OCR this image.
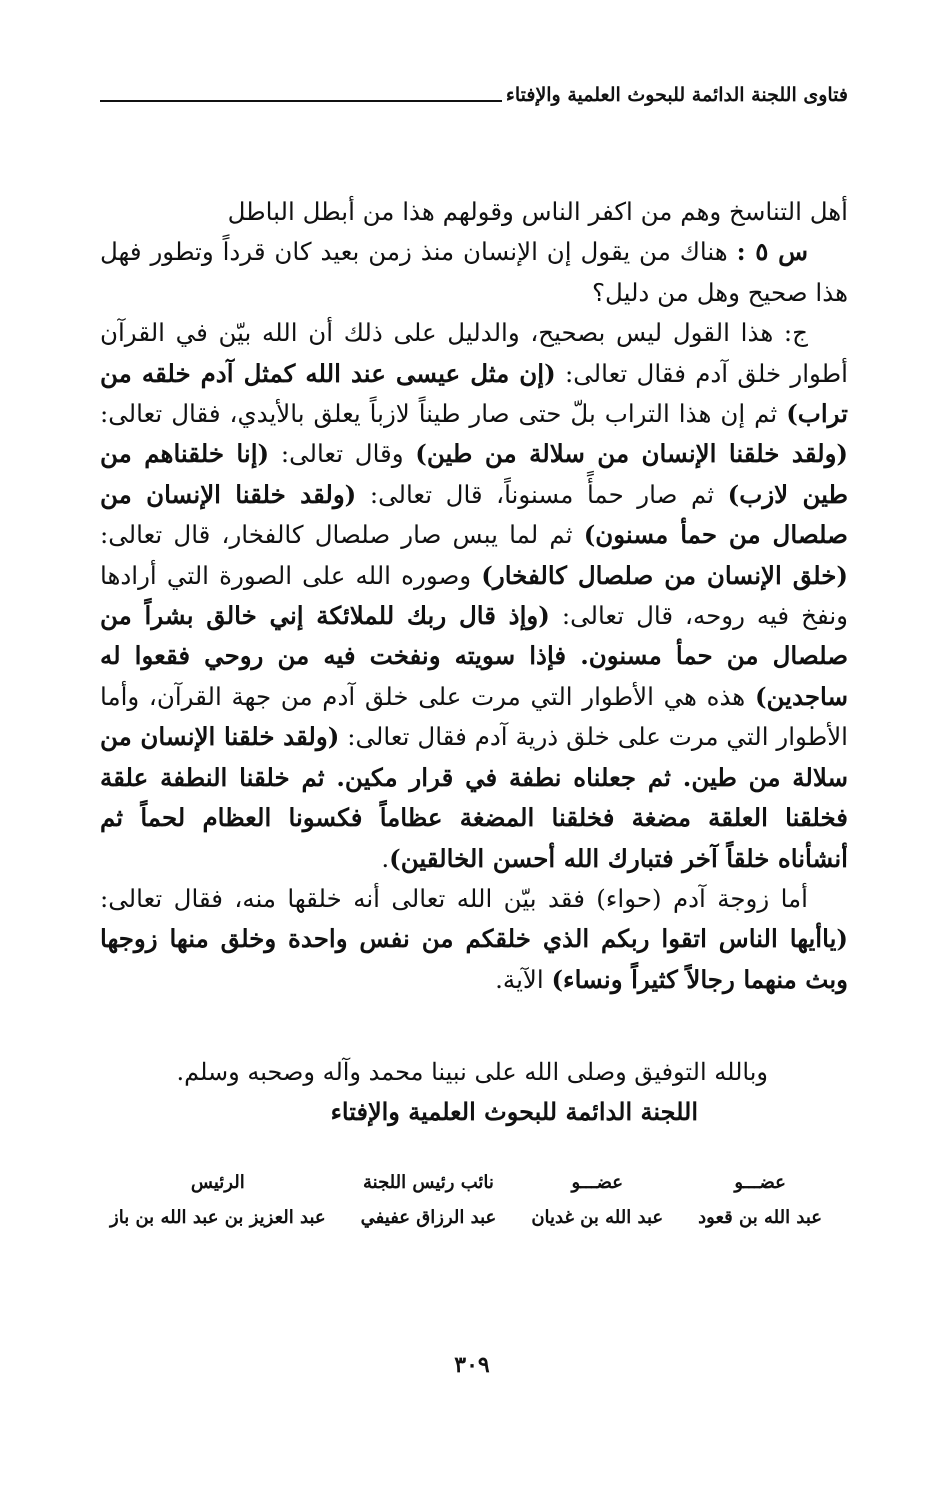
فتاوى اللجنة الدائمة للبحوث العلمية والإفتاء

أهل التناسخ وهم من اكفر الناس وقولهم هذا من أبطل الباطل

س ٥ : هناك من يقول إن الإنسان منذ زمن بعيد كان قرداً وتطور فهل هذا صحيح وهل من دليل؟

ج: هذا القول ليس بصحيح، والدليل على ذلك أن الله بيّن في القرآن أطوار خلق آدم فقال تعالى: (إن مثل عيسى عند الله كمثل آدم خلقه من تراب) ثم إن هذا التراب بلّ حتى صار طيناً لازباً يعلق بالأيدي، فقال تعالى: (ولقد خلقنا الإنسان من سلالة من طين) وقال تعالى: (إنا خلقناهم من طين لازب) ثم صار حمأً مسنوناً، قال تعالى: (ولقد خلقنا الإنسان من صلصال من حمأ مسنون) ثم لما يبس صار صلصال كالفخار، قال تعالى: (خلق الإنسان من صلصال كالفخار) وصوره الله على الصورة التي أرادها ونفخ فيه روحه، قال تعالى: (وإذ قال ربك للملائكة إني خالق بشراً من صلصال من حمأ مسنون. فإذا سويته ونفخت فيه من روحي فقعوا له ساجدين) هذه هي الأطوار التي مرت على خلق آدم من جهة القرآن، وأما الأطوار التي مرت على خلق ذرية آدم فقال تعالى: (ولقد خلقنا الإنسان من سلالة من طين. ثم جعلناه نطفة في قرار مكين. ثم خلقنا النطفة علقة فخلقنا العلقة مضغة فخلقنا المضغة عظاماً فكسونا العظام لحماً ثم أنشأناه خلقاً آخر فتبارك الله أحسن الخالقين).

أما زوجة آدم (حواء) فقد بيّن الله تعالى أنه خلقها منه، فقال تعالى: (ياأيها الناس اتقوا ربكم الذي خلقكم من نفس واحدة وخلق منها زوجها وبث منهما رجالاً كثيراً ونساء) الآية.

وبالله التوفيق وصلى الله على نبينا محمد وآله وصحبه وسلم.
اللجنة الدائمة للبحوث العلمية والإفتاء
عضـــو
عبد الله بن قعود
عضـــو
عبد الله بن غديان
نائب رئيس اللجنة
عبد الرزاق عفيفي
الرئيس
عبد العزيز بن عبد الله بن باز
٣٠٩
